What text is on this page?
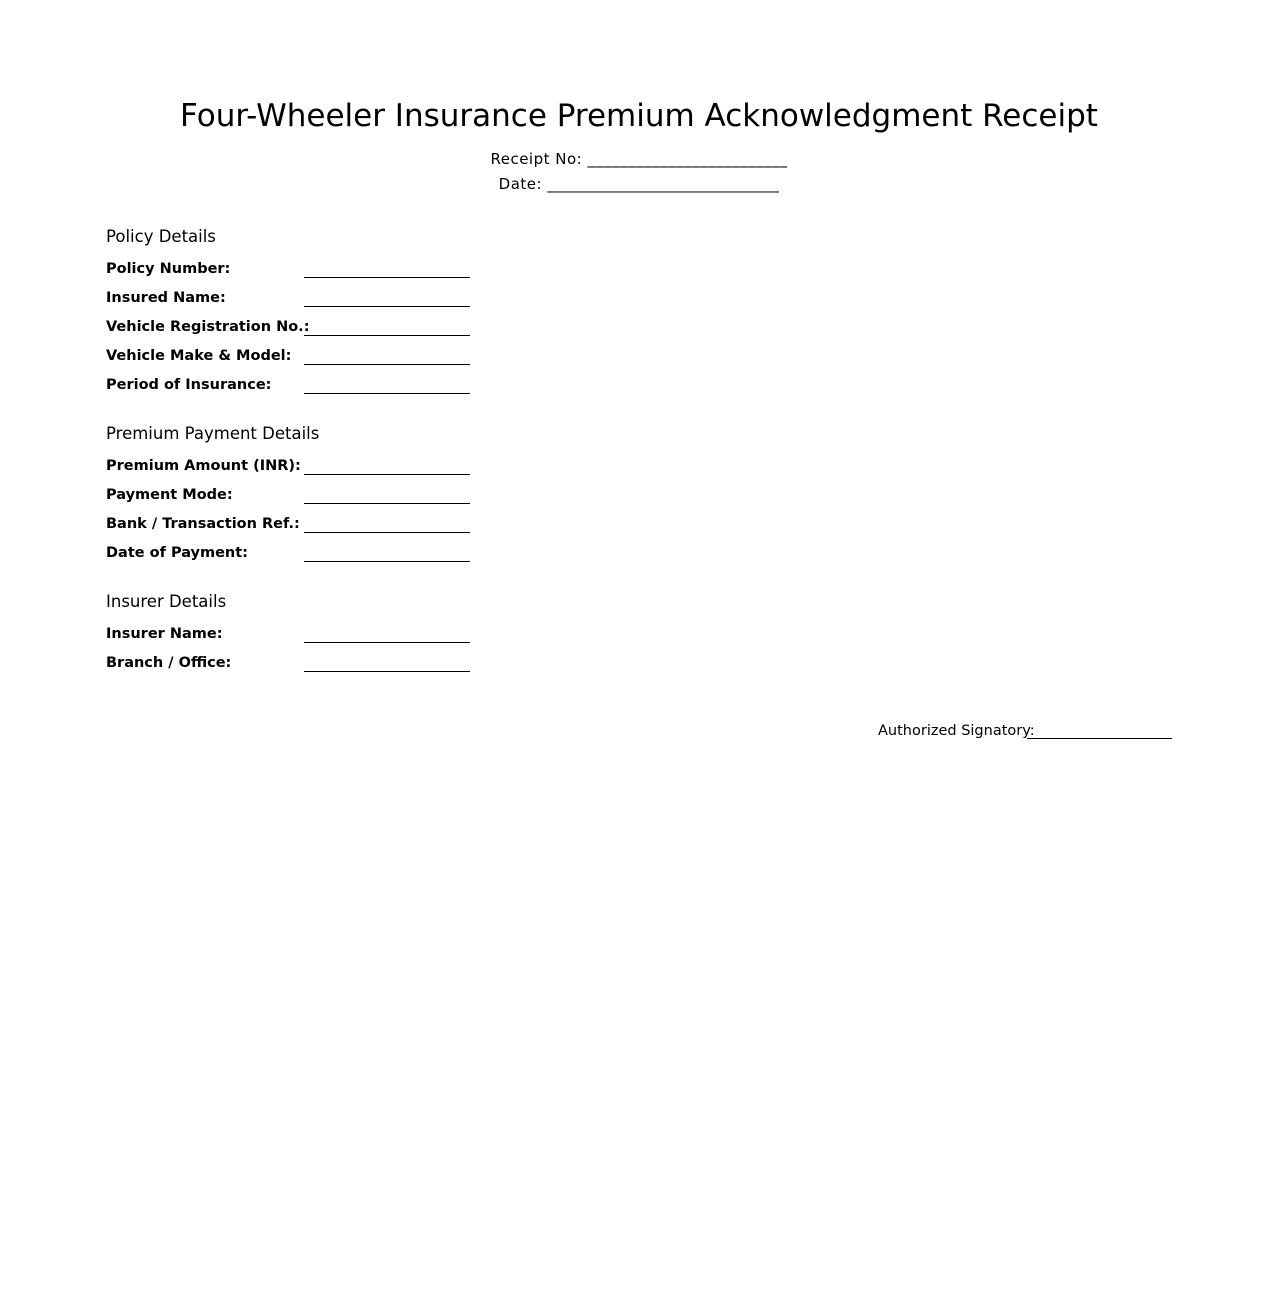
Four-Wheeler Insurance Premium Acknowledgment Receipt
Receipt No: _________________________
Date: _____________________________
Policy Details
Policy Number:
Insured Name:
Vehicle Registration No.:
Vehicle Make & Model:
Period of Insurance:
Premium Payment Details
Premium Amount (INR):
Payment Mode:
Bank / Transaction Ref.:
Date of Payment:
Insurer Details
Insurer Name:
Branch / Office:
Authorized Signatory:
